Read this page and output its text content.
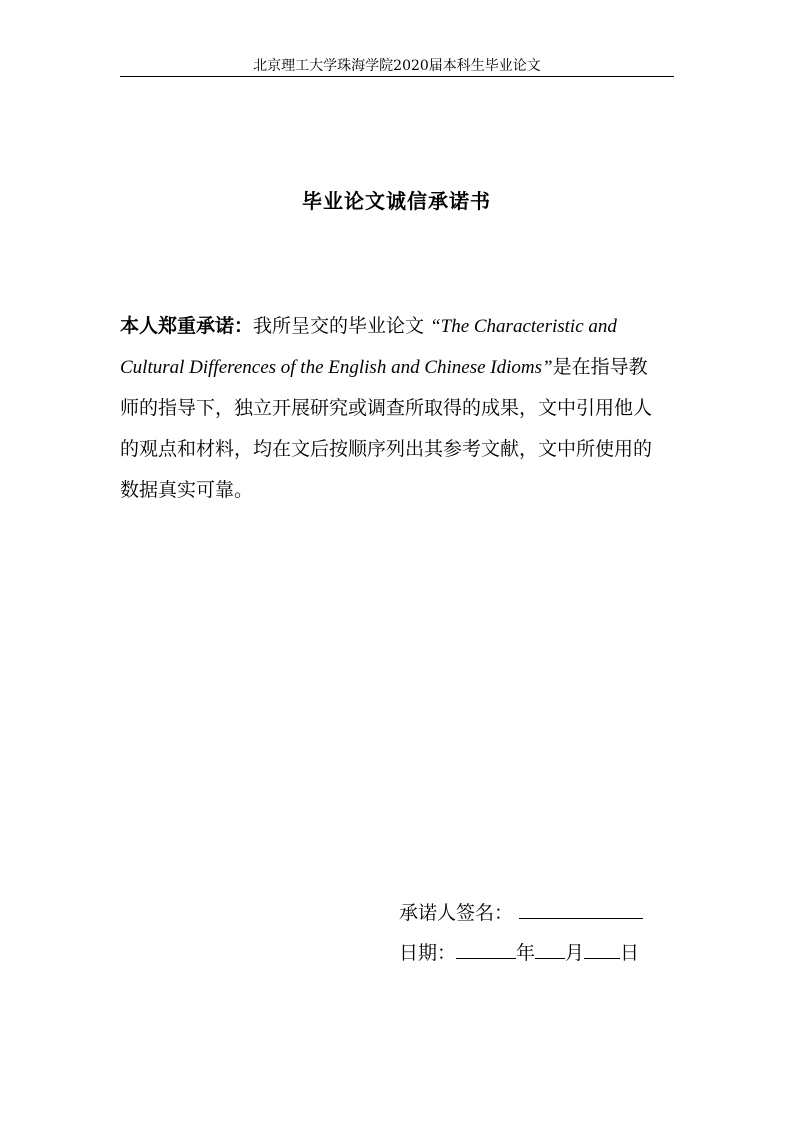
北京理工大学珠海学院2020届本科生毕业论文
毕业论文诚信承诺书
本人郑重承诺：我所呈交的毕业论文 “The Characteristic and Cultural Differences of the English and Chinese Idioms”是在指导教师的指导下，独立开展研究或调查所取得的成果，文中引用他人的观点和材料，均在文后按顺序列出其参考文献，文中所使用的数据真实可靠。
承诺人签名：
日期：	年 月 日
